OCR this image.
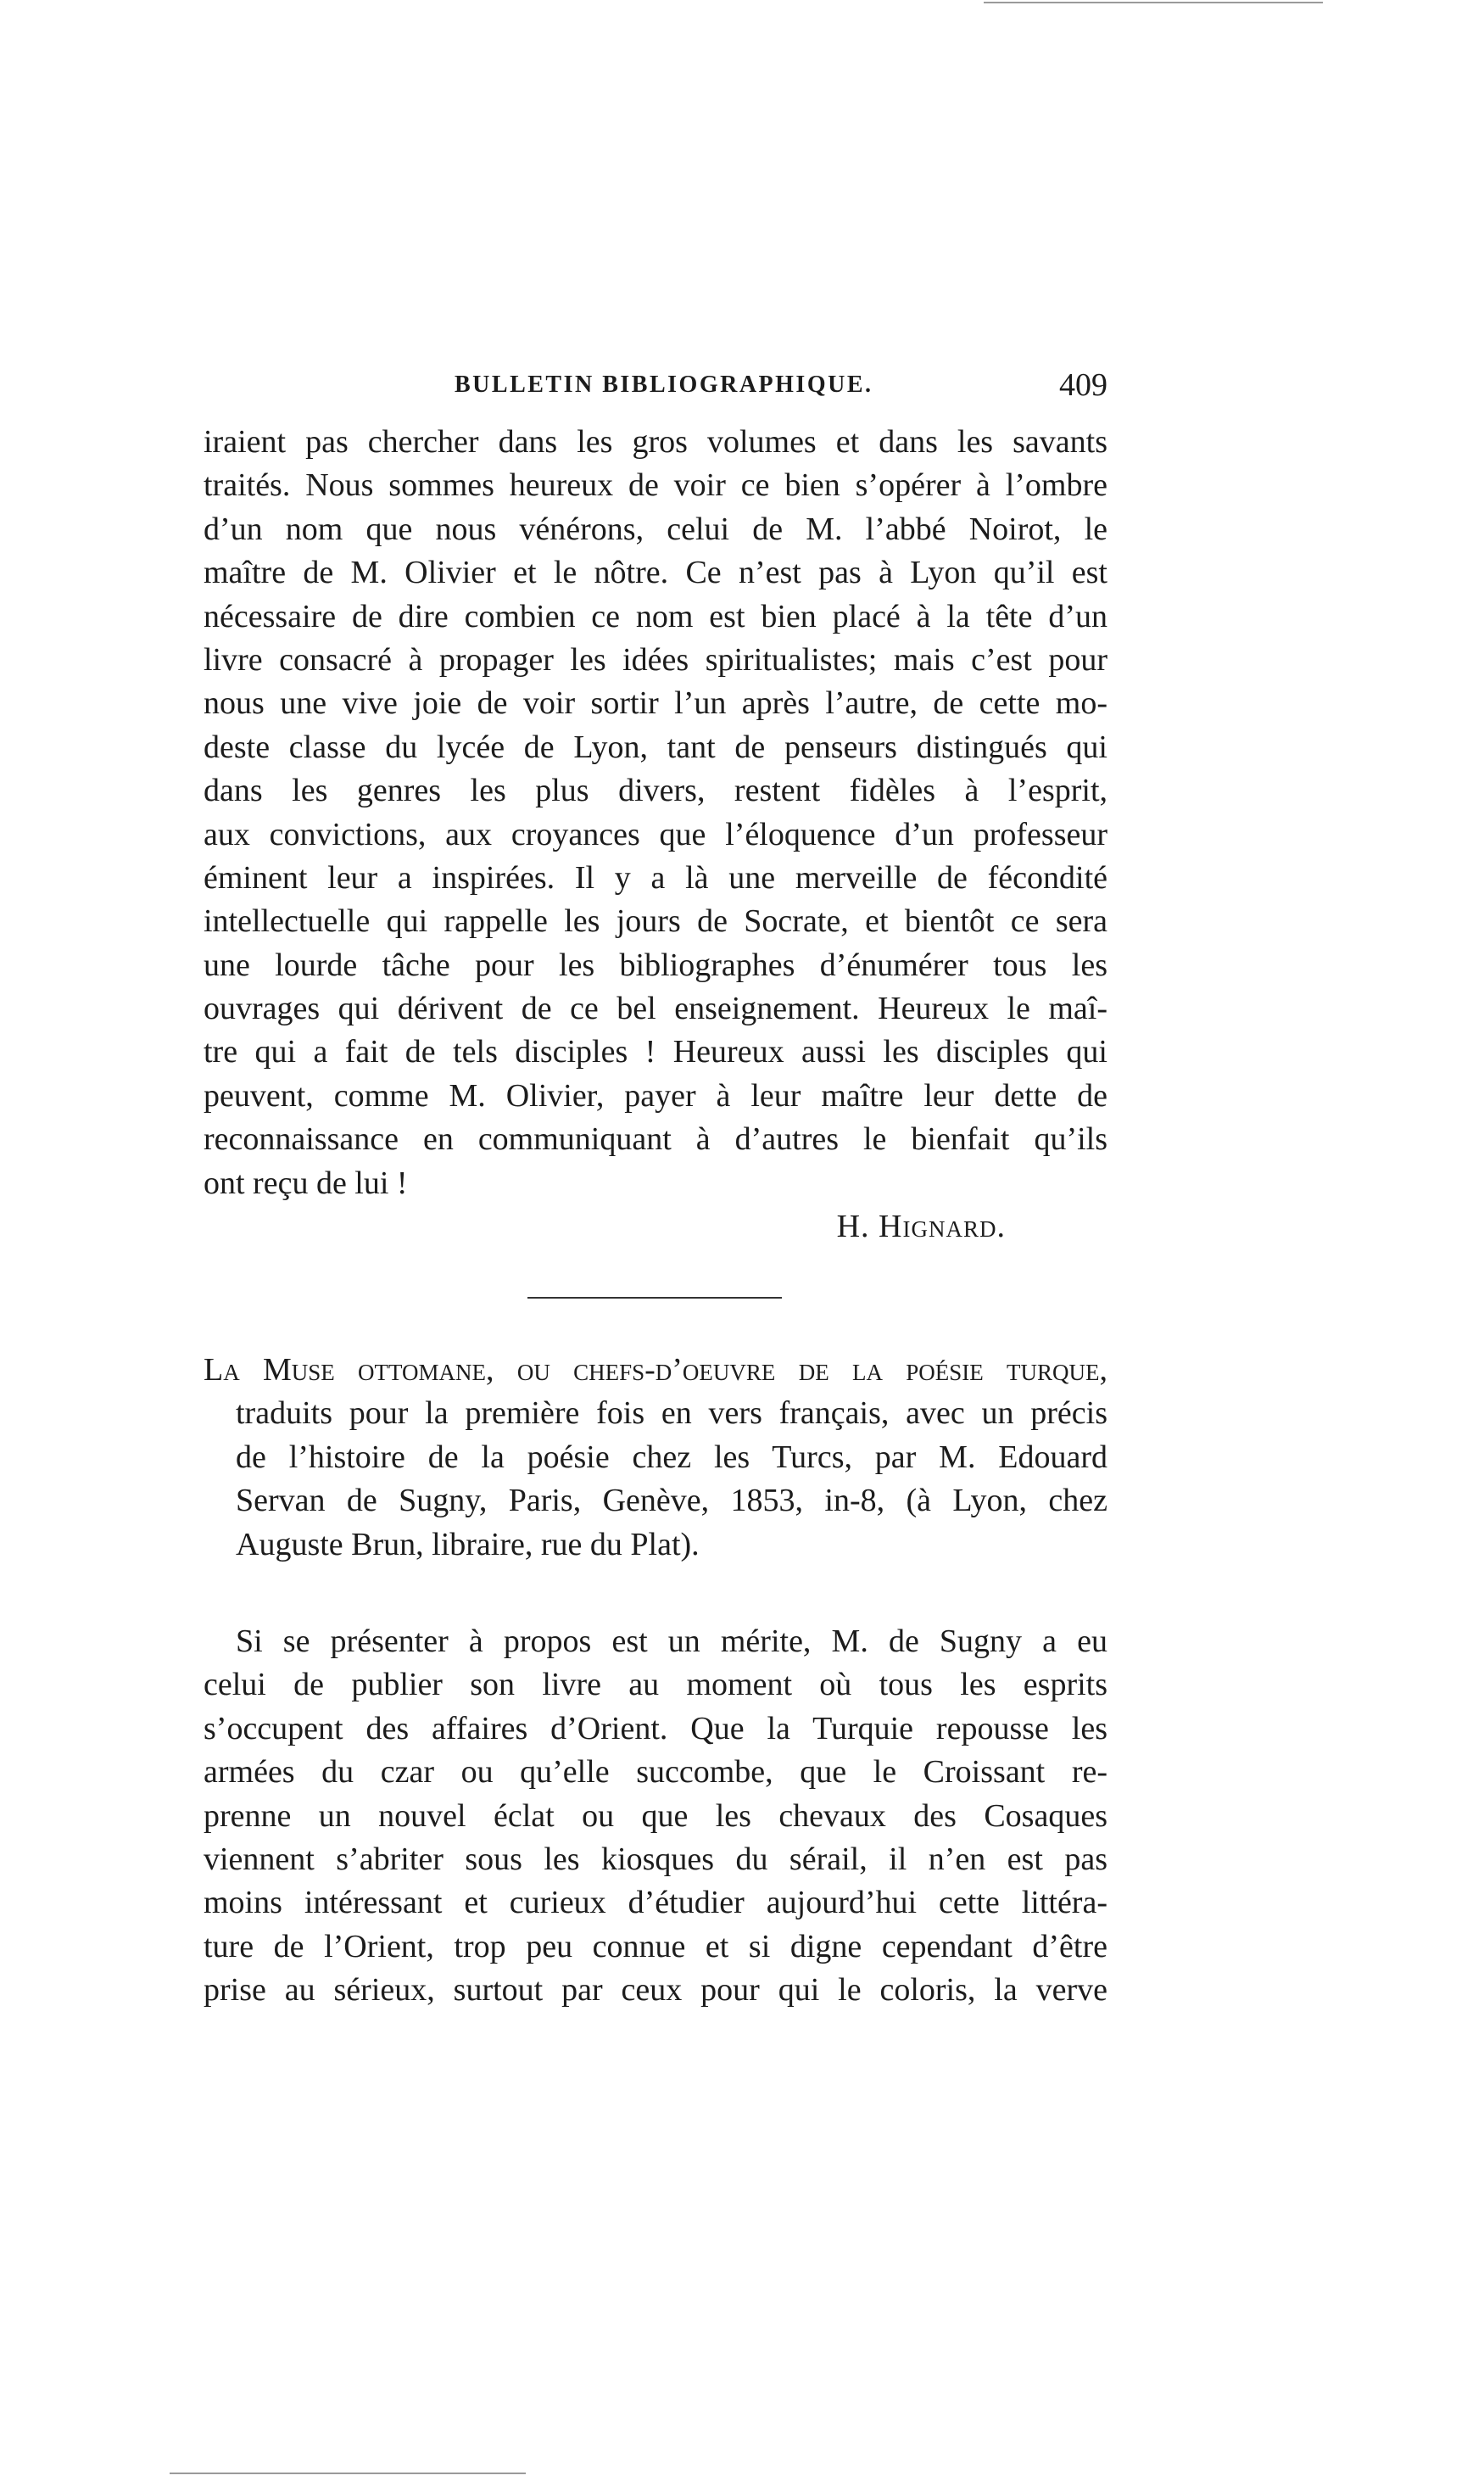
BULLETIN BIBLIOGRAPHIQUE.	409
iraient pas chercher dans les gros volumes et dans les savants
traités. Nous sommes heureux de voir ce bien s’opérer à l’ombre
d’un nom que nous vénérons, celui de M. l’abbé Noirot, le
maître de M. Olivier et le nôtre. Ce n’est pas à Lyon qu’il est
nécessaire de dire combien ce nom est bien placé à la tête d’un
livre consacré à propager les idées spiritualistes; mais c’est pour
nous une vive joie de voir sortir l’un après l’autre, de cette mo-
deste classe du lycée de Lyon, tant de penseurs distingués qui
dans les genres les plus divers, restent fidèles à l’esprit,
aux convictions, aux croyances que l’éloquence d’un professeur
éminent leur a inspirées. Il y a là une merveille de fécondité
intellectuelle qui rappelle les jours de Socrate, et bientôt ce sera
une lourde tâche pour les bibliographes d’énumérer tous les
ouvrages qui dérivent de ce bel enseignement. Heureux le maî-
tre qui a fait de tels disciples ! Heureux aussi les disciples qui
peuvent, comme M. Olivier, payer à leur maître leur dette de
reconnaissance en communiquant à d’autres le bienfait qu’ils
ont reçu de lui !
H. Hignard.
La Muse ottomane, ou chefs-d’oeuvre de la poésie turque,
traduits pour la première fois en vers français, avec un précis
de l’histoire de la poésie chez les Turcs, par M. Edouard
Servan de Sugny, Paris, Genève, 1853, in-8, (à Lyon, chez
Auguste Brun, libraire, rue du Plat).
Si se présenter à propos est un mérite, M. de Sugny a eu
celui de publier son livre au moment où tous les esprits
s’occupent des affaires d’Orient. Que la Turquie repousse les
armées du czar ou qu’elle succombe, que le Croissant re-
prenne un nouvel éclat ou que les chevaux des Cosaques
viennent s’abriter sous les kiosques du sérail, il n’en est pas
moins intéressant et curieux d’étudier aujourd’hui cette littéra-
ture de l’Orient, trop peu connue et si digne cependant d’être
prise au sérieux, surtout par ceux pour qui le coloris, la verve
